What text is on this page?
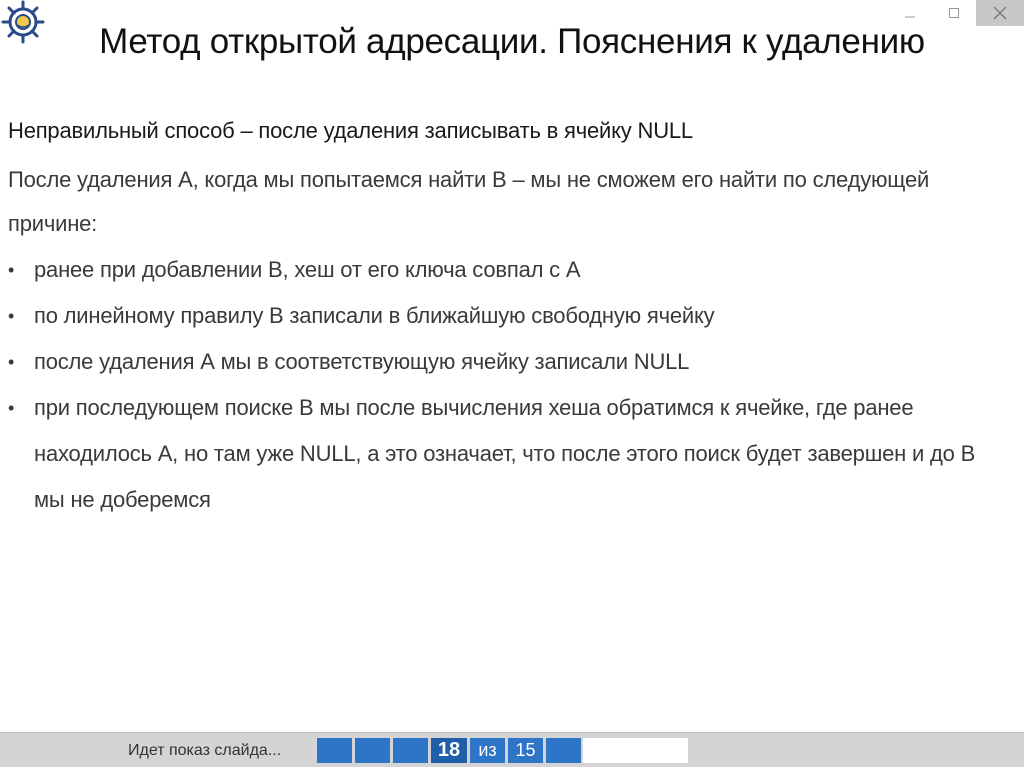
Метод открытой адресации. Пояснения к удалению
Неправильный способ – после удаления записывать в ячейку NULL
После удаления А, когда мы попытаемся найти В – мы не сможем его найти по следующей причине:
• ранее при добавлении В, хеш от его ключа совпал с А
• по линейному правилу В записали в ближайшую свободную ячейку
• после удаления А мы в соответствующую ячейку записали NULL
• при последующем поиске В мы после вычисления хеша обратимся к ячейке, где ранее находилось А, но там уже NULL, а это означает, что после этого поиск будет завершен и до В мы не доберемся
Идет показ слайда...	18	из	15
